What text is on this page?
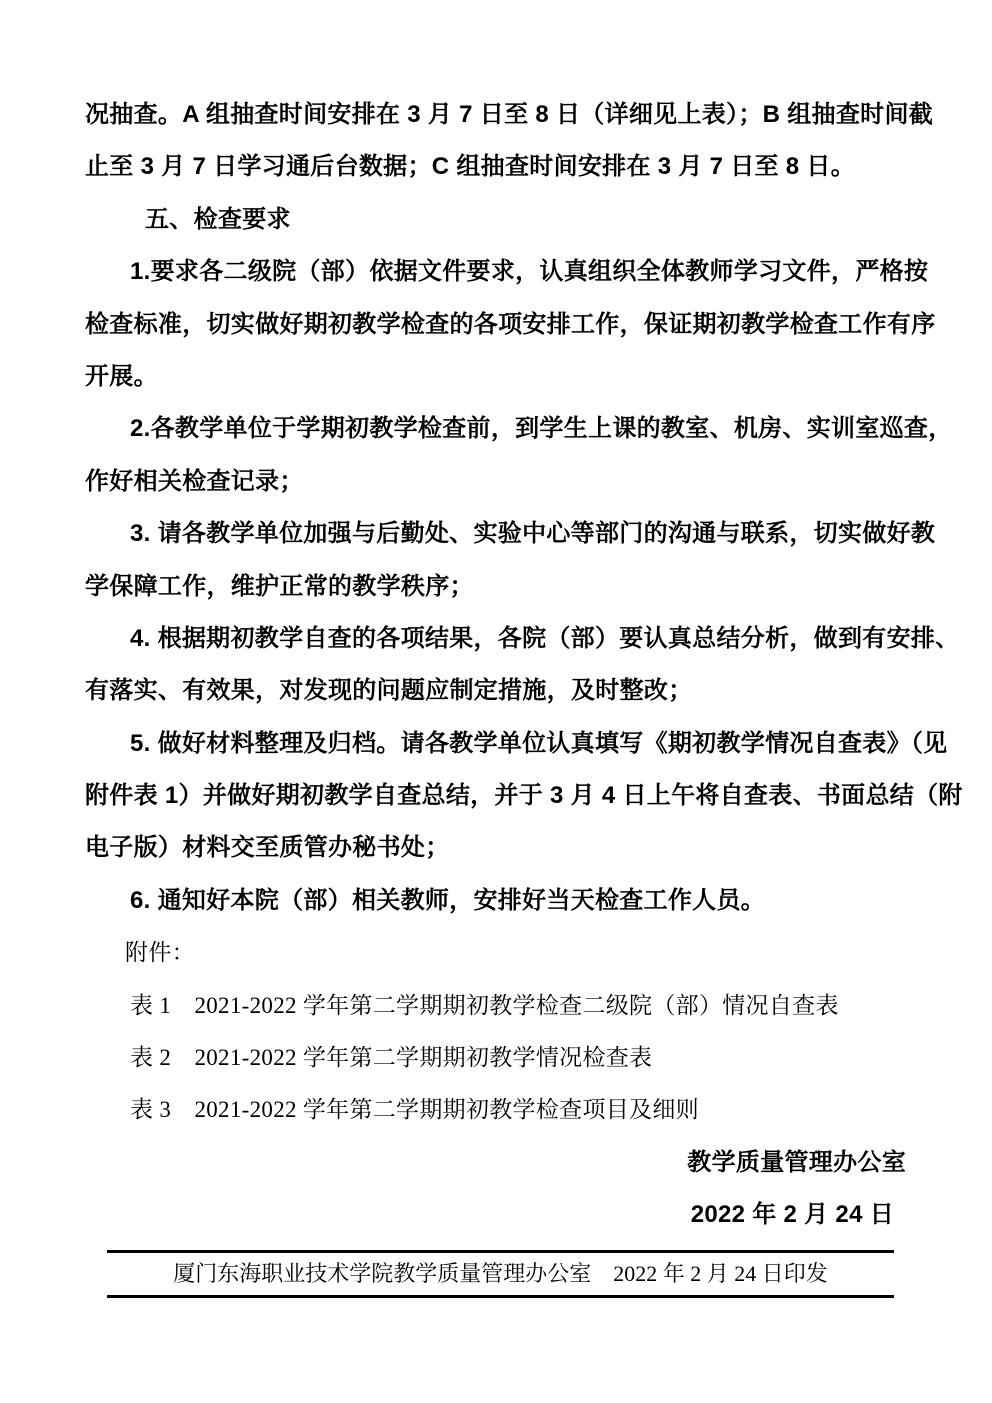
况抽查。A 组抽查时间安排在 3 月 7 日至 8 日（详细见上表）；B 组抽查时间截
止至 3 月 7 日学习通后台数据；C 组抽查时间安排在 3 月 7 日至 8 日。
五、检查要求
1.要求各二级院（部）依据文件要求，认真组织全体教师学习文件，严格按
检查标准，切实做好期初教学检查的各项安排工作，保证期初教学检查工作有序
开展。
2.各教学单位于学期初教学检查前，到学生上课的教室、机房、实训室巡查，
作好相关检查记录；
3. 请各教学单位加强与后勤处、实验中心等部门的沟通与联系，切实做好教
学保障工作，维护正常的教学秩序；
4. 根据期初教学自查的各项结果，各院（部）要认真总结分析，做到有安排、
有落实、有效果，对发现的问题应制定措施，及时整改；
5. 做好材料整理及归档。请各教学单位认真填写《期初教学情况自查表》（见
附件表 1）并做好期初教学自查总结，并于 3 月 4 日上午将自查表、书面总结（附
电子版）材料交至质管办秘书处；
6. 通知好本院（部）相关教师，安排好当天检查工作人员。
附件：
表 1　2021-2022 学年第二学期期初教学检查二级院（部）情况自查表
表 2　2021-2022 学年第二学期期初教学情况检查表
表 3　2021-2022 学年第二学期期初教学检查项目及细则
教学质量管理办公室
2022 年 2 月 24 日
厦门东海职业技术学院教学质量管理办公室　2022 年 2 月 24 日印发
